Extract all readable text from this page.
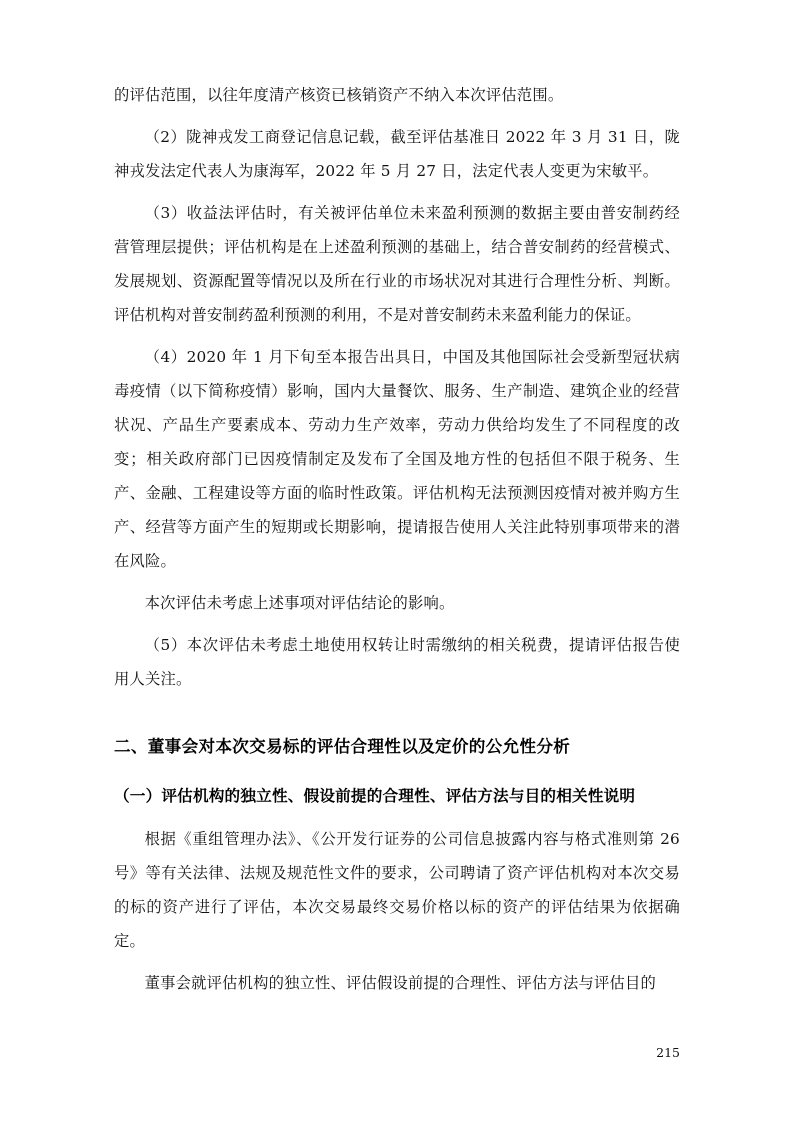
的评估范围，以往年度清产核资已核销资产不纳入本次评估范围。

（2）陇神戎发工商登记信息记载，截至评估基准日 2022 年 3 月 31 日，陇神戎发法定代表人为康海军，2022 年 5 月 27 日，法定代表人变更为宋敏平。

（3）收益法评估时，有关被评估单位未来盈利预测的数据主要由普安制药经营管理层提供；评估机构是在上述盈利预测的基础上，结合普安制药的经营模式、发展规划、资源配置等情况以及所在行业的市场状况对其进行合理性分析、判断。评估机构对普安制药盈利预测的利用，不是对普安制药未来盈利能力的保证。

（4）2020 年 1 月下旬至本报告出具日，中国及其他国际社会受新型冠状病毒疫情（以下简称疫情）影响，国内大量餐饮、服务、生产制造、建筑企业的经营状况、产品生产要素成本、劳动力生产效率，劳动力供给均发生了不同程度的改变；相关政府部门已因疫情制定及发布了全国及地方性的包括但不限于税务、生产、金融、工程建设等方面的临时性政策。评估机构无法预测因疫情对被并购方生产、经营等方面产生的短期或长期影响，提请报告使用人关注此特别事项带来的潜在风险。

本次评估未考虑上述事项对评估结论的影响。

（5）本次评估未考虑土地使用权转让时需缴纳的相关税费，提请评估报告使用人关注。

二、董事会对本次交易标的评估合理性以及定价的公允性分析
（一）评估机构的独立性、假设前提的合理性、评估方法与目的相关性说明

根据《重组管理办法》、《公开发行证券的公司信息披露内容与格式准则第 26 号》等有关法律、法规及规范性文件的要求，公司聘请了资产评估机构对本次交易的标的资产进行了评估，本次交易最终交易价格以标的资产的评估结果为依据确定。

董事会就评估机构的独立性、评估假设前提的合理性、评估方法与评估目的

215
